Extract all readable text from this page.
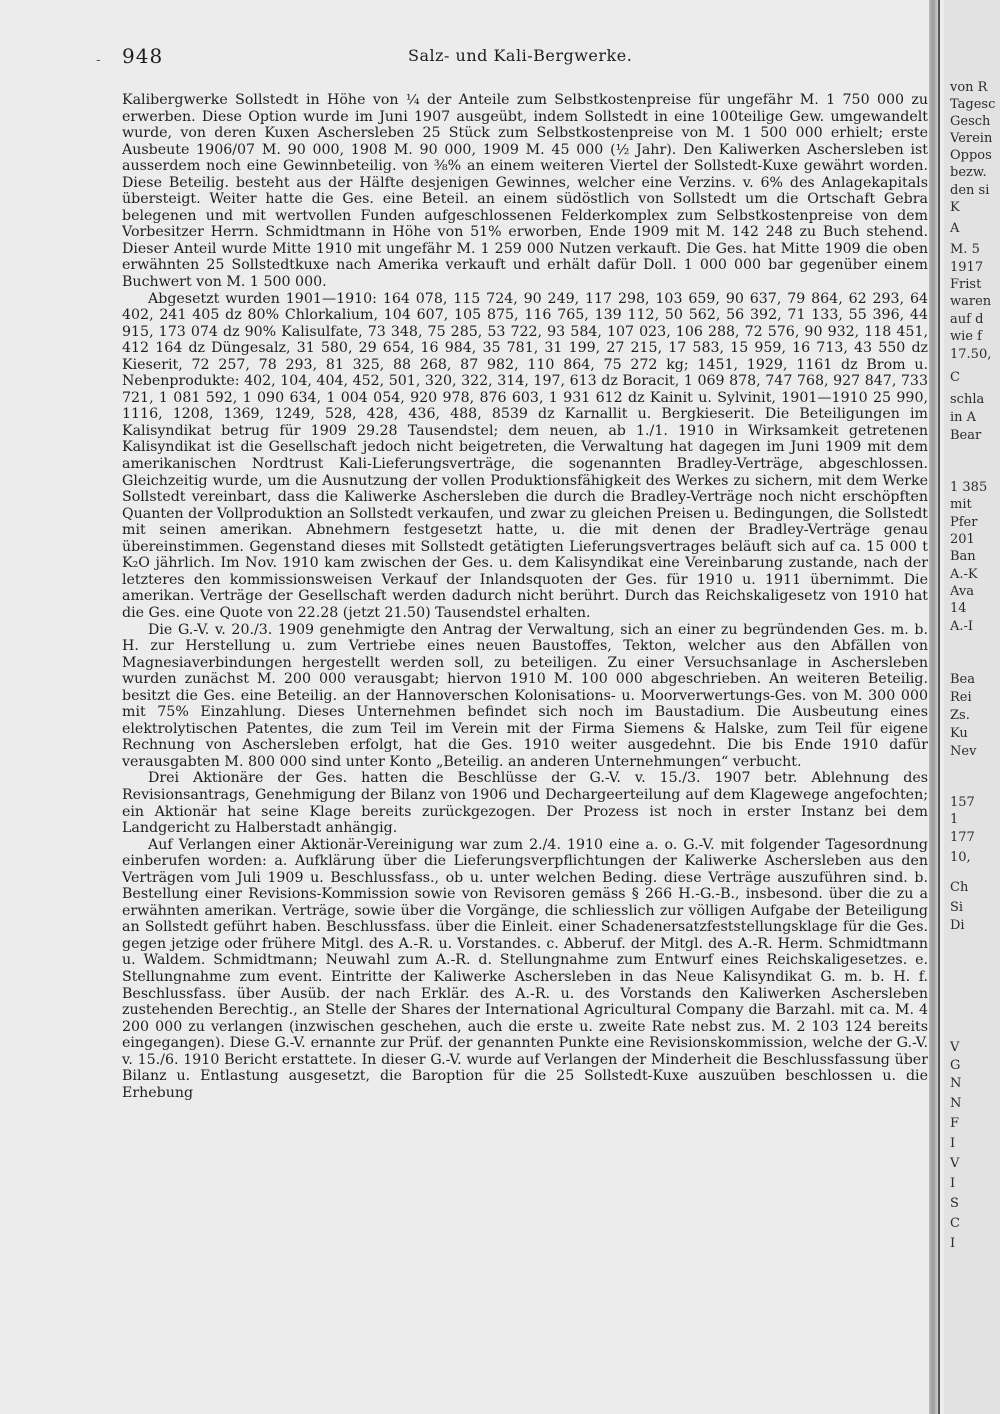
- 948	Salz- und Kali-Bergwerke.

Kalibergwerke Sollstedt in Höhe von ¼ der Anteile zum Selbstkostenpreise für ungefähr M. 1 750 000 zu erwerben. Diese Option wurde im Juni 1907 ausgeübt, indem Sollstedt in eine 100teilige Gew. umgewandelt wurde, von deren Kuxen Aschersleben 25 Stück zum Selbstkostenpreise von M. 1 500 000 erhielt; erste Ausbeute 1906/07 M. 90 000, 1908 M. 90 000, 1909 M. 45 000 (½ Jahr). Den Kaliwerken Aschersleben ist ausserdem noch eine Gewinnbeteilig. von ⅜% an einem weiteren Viertel der Sollstedt-Kuxe gewährt worden. Diese Beteilig. besteht aus der Hälfte desjenigen Gewinnes, welcher eine Verzins. v. 6% des Anlagekapitals übersteigt. Weiter hatte die Ges. eine Beteil. an einem südöstlich von Sollstedt um die Ortschaft Gebra belegenen und mit wertvollen Funden aufgeschlossenen Felderkomplex zum Selbstkostenpreise von dem Vorbesitzer Herrn. Schmidtmann in Höhe von 51% erworben, Ende 1909 mit M. 142 248 zu Buch stehend. Dieser Anteil wurde Mitte 1910 mit ungefähr M. 1 259 000 Nutzen verkauft. Die Ges. hat Mitte 1909 die oben erwähnten 25 Sollstedtkuxe nach Amerika verkauft und erhält dafür Doll. 1 000 000 bar gegenüber einem Buchwert von M. 1 500 000.

Abgesetzt wurden 1901—1910: 164 078, 115 724, 90 249, 117 298, 103 659, 90 637, 79 864, 62 293, 64 402, 241 405 dz 80% Chlorkalium, 104 607, 105 875, 116 765, 139 112, 50 562, 56 392, 71 133, 55 396, 44 915, 173 074 dz 90% Kalisulfate, 73 348, 75 285, 53 722, 93 584, 107 023, 106 288, 72 576, 90 932, 118 451, 412 164 dz Düngesalz, 31 580, 29 654, 16 984, 35 781, 31 199, 27 215, 17 583, 15 959, 16 713, 43 550 dz Kieserit, 72 257, 78 293, 81 325, 88 268, 87 982, 110 864, 75 272 kg; 1451, 1929, 1161 dz Brom u. Nebenprodukte: 402, 104, 404, 452, 501, 320, 322, 314, 197, 613 dz Boracit, 1 069 878, 747 768, 927 847, 733 721, 1 081 592, 1 090 634, 1 004 054, 920 978, 876 603, 1 931 612 dz Kainit u. Sylvinit, 1901—1910 25 990, 1116, 1208, 1369, 1249, 528, 428, 436, 488, 8539 dz Karnallit u. Bergkieserit. Die Beteiligungen im Kalisyndikat betrug für 1909 29.28 Tausendstel; dem neuen, ab 1./1. 1910 in Wirksamkeit getretenen Kalisyndikat ist die Gesellschaft jedoch nicht beigetreten, die Verwaltung hat dagegen im Juni 1909 mit dem amerikanischen Nordtrust Kali-Lieferungsverträge, die sogenannten Bradley-Verträge, abgeschlossen. Gleichzeitig wurde, um die Ausnutzung der vollen Produktionsfähigkeit des Werkes zu sichern, mit dem Werke Sollstedt vereinbart, dass die Kaliwerke Aschersleben die durch die Bradley-Verträge noch nicht erschöpften Quanten der Vollproduktion an Sollstedt verkaufen, und zwar zu gleichen Preisen u. Bedingungen, die Sollstedt mit seinen amerikan. Abnehmern festgesetzt hatte, u. die mit denen der Bradley-Verträge genau übereinstimmen. Gegenstand dieses mit Sollstedt getätigten Lieferungsvertrages beläuft sich auf ca. 15 000 t K₂O jährlich. Im Nov. 1910 kam zwischen der Ges. u. dem Kalisyndikat eine Vereinbarung zustande, nach der letzteres den kommissionsweisen Verkauf der Inlandsquoten der Ges. für 1910 u. 1911 übernimmt. Die amerikan. Verträge der Gesellschaft werden dadurch nicht berührt. Durch das Reichskaligesetz von 1910 hat die Ges. eine Quote von 22.28 (jetzt 21.50) Tausendstel erhalten.

Die G.-V. v. 20./3. 1909 genehmigte den Antrag der Verwaltung, sich an einer zu begründenden Ges. m. b. H. zur Herstellung u. zum Vertriebe eines neuen Baustoffes, Tekton, welcher aus den Abfällen von Magnesiaverbindungen hergestellt werden soll, zu beteiligen. Zu einer Versuchsanlage in Aschersleben wurden zunächst M. 200 000 verausgabt; hiervon 1910 M. 100 000 abgeschrieben. An weiteren Beteilig. besitzt die Ges. eine Beteilig. an der Hannoverschen Kolonisations- u. Moorverwertungs-Ges. von M. 300 000 mit 75% Einzahlung. Dieses Unternehmen befindet sich noch im Baustadium. Die Ausbeutung eines elektrolytischen Patentes, die zum Teil im Verein mit der Firma Siemens & Halske, zum Teil für eigene Rechnung von Aschersleben erfolgt, hat die Ges. 1910 weiter ausgedehnt. Die bis Ende 1910 dafür verausgabten M. 800 000 sind unter Konto „Beteilig. an anderen Unternehmungen“ verbucht.

Drei Aktionäre der Ges. hatten die Beschlüsse der G.-V. v. 15./3. 1907 betr. Ablehnung des Revisionsantrags, Genehmigung der Bilanz von 1906 und Dechargeerteilung auf dem Klagewege angefochten; ein Aktionär hat seine Klage bereits zurückgezogen. Der Prozess ist noch in erster Instanz bei dem Landgericht zu Halberstadt anhängig.

Auf Verlangen einer Aktionär-Vereinigung war zum 2./4. 1910 eine a. o. G.-V. mit folgender Tagesordnung einberufen worden: a. Aufklärung über die Lieferungsverpflichtungen der Kaliwerke Aschersleben aus den Verträgen vom Juli 1909 u. Beschlussfass., ob u. unter welchen Beding. diese Verträge auszuführen sind. b. Bestellung einer Revisions-Kommission sowie von Revisoren gemäss § 266 H.-G.-B., insbesond. über die zu a erwähnten amerikan. Verträge, sowie über die Vorgänge, die schliesslich zur völligen Aufgabe der Beteiligung an Sollstedt geführt haben. Beschlussfass. über die Einleit. einer Schadenersatzfeststellungsklage für die Ges. gegen jetzige oder frühere Mitgl. des A.-R. u. Vorstandes. c. Abberuf. der Mitgl. des A.-R. Herm. Schmidtmann u. Waldem. Schmidtmann; Neuwahl zum A.-R. d. Stellungnahme zum Entwurf eines Reichskaligesetzes. e. Stellungnahme zum event. Eintritte der Kaliwerke Aschersleben in das Neue Kalisyndikat G. m. b. H. f. Beschlussfass. über Ausüb. der nach Erklär. des A.-R. u. des Vorstands den Kaliwerken Aschersleben zustehenden Berechtig., an Stelle der Shares der International Agricultural Company die Barzahl. mit ca. M. 4 200 000 zu verlangen (inzwischen geschehen, auch die erste u. zweite Rate nebst zus. M. 2 103 124 bereits eingegangen). Diese G.-V. ernannte zur Prüf. der genannten Punkte eine Revisionskommission, welche der G.-V. v. 15./6. 1910 Bericht erstattete. In dieser G.-V. wurde auf Verlangen der Minderheit die Beschlussfassung über Bilanz u. Entlastung ausgesetzt, die Baroption für die 25 Sollstedt-Kuxe auszuüben beschlossen u. die Erhebung

von R
Tagesc
Gesch
Verein
Oppos
bezw.
den si
K
A
M. 5
1917
Frist
waren
auf d
wie f
17.50,
C
schla
in A
Bear
1 385
mit
Pfer
201
Ban
A.-K
Ava
14
A.-I
Bea
Rei
Zs.
Ku
Nev
157
1
177
10,
Ch
Si
Di
V
G
N
N
F
I
V
I
S
C
I
